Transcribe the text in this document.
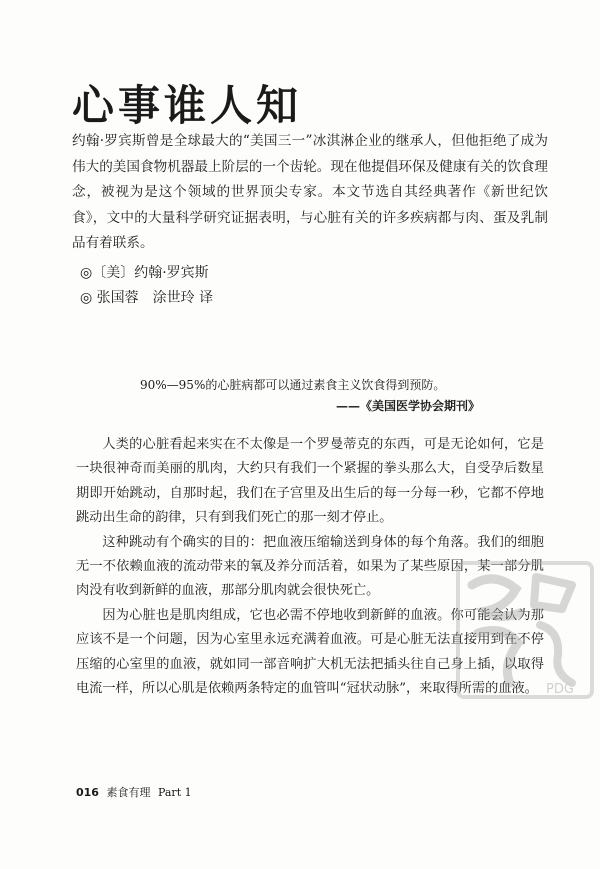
心事谁人知

约翰·罗宾斯曾是全球最大的“美国三一”冰淇淋企业的继承人，但他拒绝了成为伟大的美国食物机器最上阶层的一个齿轮。现在他提倡环保及健康有关的饮食理念，被视为是这个领域的世界顶尖专家。本文节选自其经典著作《新世纪饮食》，文中的大量科学研究证据表明，与心脏有关的许多疾病都与肉、蛋及乳制品有着联系。

◎〔美〕约翰·罗宾斯
◎ 张国蓉　涂世玲 译
90%—95%的心脏病都可以通过素食主义饮食得到预防。
——《美国医学协会期刊》

人类的心脏看起来实在不太像是一个罗曼蒂克的东西，可是无论如何，它是一块很神奇而美丽的肌肉，大约只有我们一个紧握的拳头那么大，自受孕后数星期即开始跳动，自那时起，我们在子宫里及出生后的每一分每一秒，它都不停地跳动出生命的韵律，只有到我们死亡的那一刻才停止。

这种跳动有个确实的目的：把血液压缩输送到身体的每个角落。我们的细胞无一不依赖血液的流动带来的氧及养分而活着，如果为了某些原因，某一部分肌肉没有收到新鲜的血液，那部分肌肉就会很快死亡。

因为心脏也是肌肉组成，它也必需不停地收到新鲜的血液。你可能会认为那应该不是一个问题，因为心室里永远充满着血液。可是心脏无法直接用到在不停压缩的心室里的血液，就如同一部音响扩大机无法把插头往自己身上插，以取得电流一样，所以心肌是依赖两条特定的血管叫“冠状动脉”，来取得所需的血液。

016 素食有理 Part 1
PDG
